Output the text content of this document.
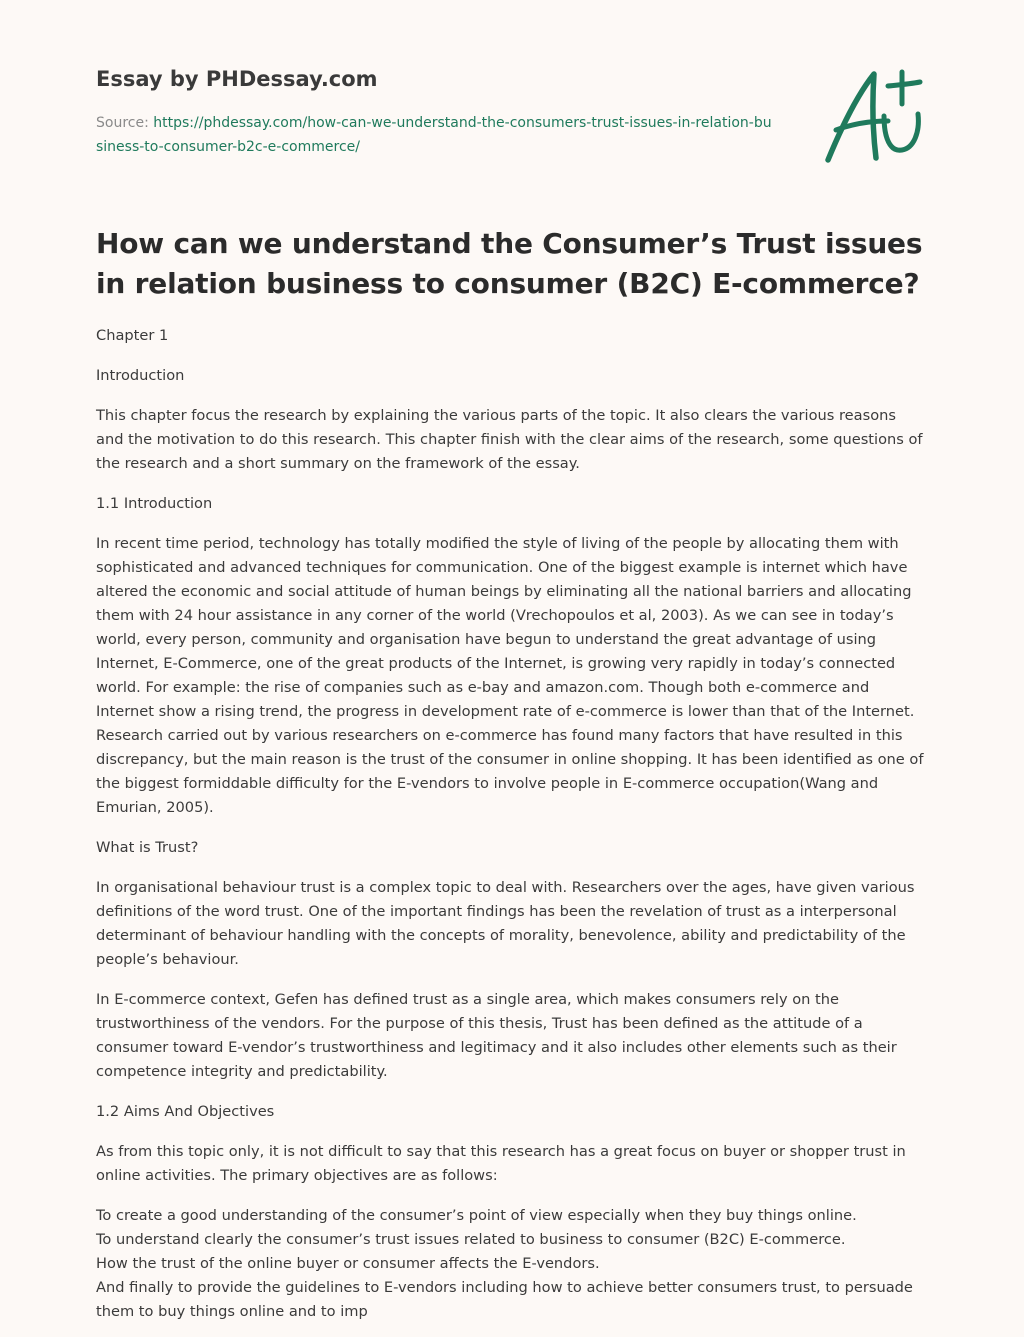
Essay by PHDessay.com
Source: https://phdessay.com/how-can-we-understand-the-consumers-trust-issues-in-relation-business-to-consumer-b2c-e-commerce/
How can we understand the Consumer’s Trust issues in relation business to consumer (B2C) E-commerce?

Chapter 1

Introduction

This chapter focus the research by explaining the various parts of the topic. It also clears the various reasons and the motivation to do this research. This chapter finish with the clear aims of the research, some questions of the research and a short summary on the framework of the essay.

1.1 Introduction

In recent time period, technology has totally modified the style of living of the people by allocating them with sophisticated and advanced techniques for communication. One of the biggest example is internet which have altered the economic and social attitude of human beings by eliminating all the national barriers and allocating them with 24 hour assistance in any corner of the world (Vrechopoulos et al, 2003). As we can see in today’s world, every person, community and organisation have begun to understand the great advantage of using Internet, E-Commerce, one of the great products of the Internet, is growing very rapidly in today’s connected world. For example: the rise of companies such as e-bay and amazon.com. Though both e-commerce and Internet show a rising trend, the progress in development rate of e-commerce is lower than that of the Internet. Research carried out by various researchers on e-commerce has found many factors that have resulted in this discrepancy, but the main reason is the trust of the consumer in online shopping. It has been identified as one of the biggest formiddable difficulty for the E-vendors to involve people in E-commerce occupation(Wang and Emurian, 2005).

What is Trust?

In organisational behaviour trust is a complex topic to deal with. Researchers over the ages, have given various definitions of the word trust. One of the important findings has been the revelation of trust as a interpersonal determinant of behaviour handling with the concepts of morality, benevolence, ability and predictability of the people’s behaviour.

In E-commerce context, Gefen has defined trust as a single area, which makes consumers rely on the trustworthiness of the vendors. For the purpose of this thesis, Trust has been defined as the attitude of a consumer toward E-vendor’s trustworthiness and legitimacy and it also includes other elements such as their competence integrity and predictability.

1.2 Aims And Objectives

As from this topic only, it is not difficult to say that this research has a great focus on buyer or shopper trust in online activities. The primary objectives are as follows:

To create a good understanding of the consumer’s point of view especially when they buy things online.

To understand clearly the consumer’s trust issues related to business to consumer (B2C) E-commerce.

How the trust of the online buyer or consumer affects the E-vendors.

And finally to provide the guidelines to E-vendors including how to achieve better consumers trust, to persuade them to buy things online and to imp
